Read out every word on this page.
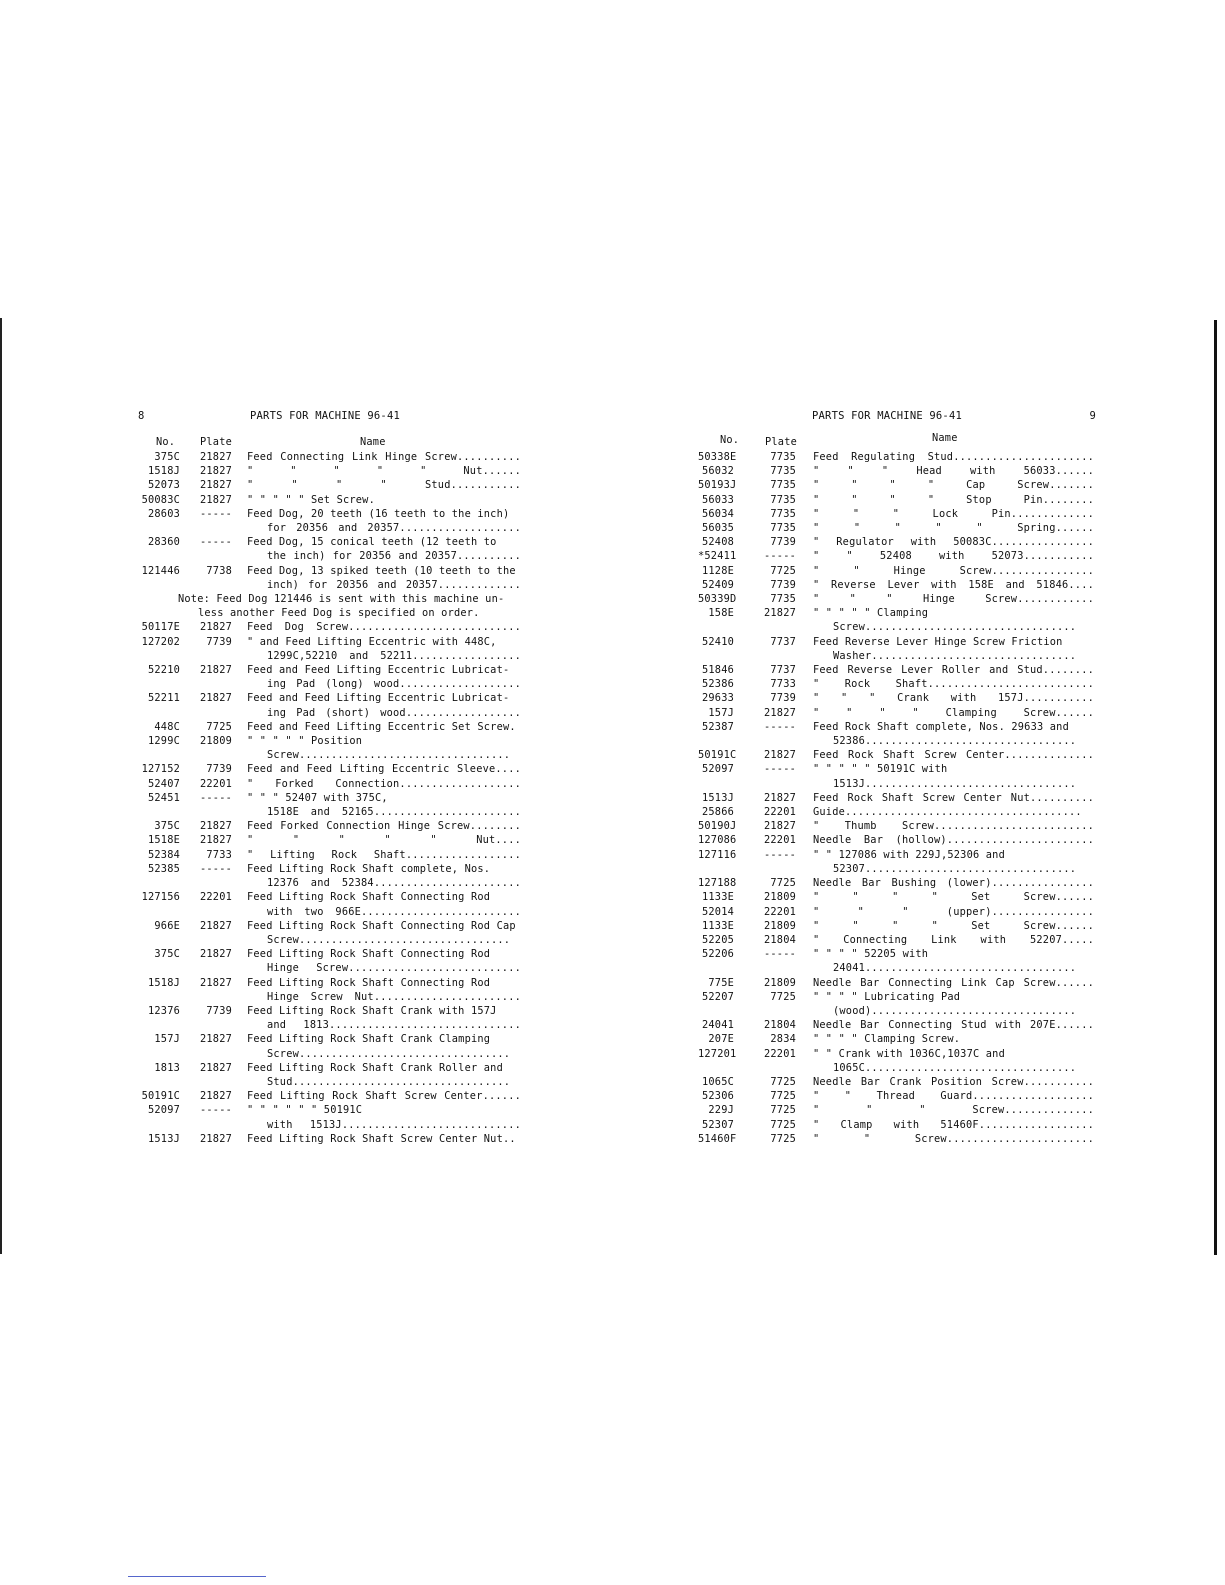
8	PARTS FOR MACHINE 96-41
No. Plate	Name
375C	21827 Feed Connecting Link Hinge Screw..........
1518J	21827 " " " " " Nut......
52073	21827 " " " " Stud...........
50083C	21827 " " " " " Set Screw.
28603	----- Feed Dog, 20 teeth (16 teeth to the inch)
for 20356 and 20357...................
28360	----- Feed Dog, 15 conical teeth (12 teeth to
the inch) for 20356 and 20357..........
121446	7738 Feed Dog, 13 spiked teeth (10 teeth to the
inch) for 20356 and 20357.............
Note: Feed Dog 121446 is sent with this machine un-
less another Feed Dog is specified on order.
50117E	21827 Feed Dog Screw...........................
127202	7739 " and Feed Lifting Eccentric with 448C,
1299C,52210 and 52211.................
52210	21827 Feed and Feed Lifting Eccentric Lubricat-
ing Pad (long) wood...................
52211	21827 Feed and Feed Lifting Eccentric Lubricat-
ing Pad (short) wood..................
448C	7725 Feed and Feed Lifting Eccentric Set Screw.
1299C	21809 " " " " " Position
Screw.................................
127152	7739 Feed and Feed Lifting Eccentric Sleeve....
52407	22201 " Forked Connection...................
52451	----- " " " 52407 with 375C,
1518E and 52165.......................
375C	21827 Feed Forked Connection Hinge Screw........
1518E	21827 " " " " " Nut....
52384	7733 " Lifting Rock Shaft..................
52385	----- Feed Lifting Rock Shaft complete, Nos.
12376 and 52384.......................
127156	22201 Feed Lifting Rock Shaft Connecting Rod
with two 966E.........................
966E	21827 Feed Lifting Rock Shaft Connecting Rod Cap
Screw.................................
375C	21827 Feed Lifting Rock Shaft Connecting Rod
Hinge Screw...........................
1518J	21827 Feed Lifting Rock Shaft Connecting Rod
Hinge Screw Nut.......................
12376	7739 Feed Lifting Rock Shaft Crank with 157J
and 1813..............................
157J	21827 Feed Lifting Rock Shaft Crank Clamping
Screw.................................
1813	21827 Feed Lifting Rock Shaft Crank Roller and
Stud..................................
50191C	21827 Feed Lifting Rock Shaft Screw Center......
52097	----- " " " " " " 50191C
with 1513J............................
1513J	21827 Feed Lifting Rock Shaft Screw Center Nut..
PARTS FOR MACHINE 96-41	9
No.	Plate	Name
50338E	7735 Feed Regulating Stud......................
56032	7735 " " " Head with 56033......
50193J	7735 " " " " Cap Screw.......
56033	7735 " " " " Stop Pin........
56034	7735 " " " Lock Pin.............
56035	7735 " " " " " Spring......
52408	7739 " Regulator with 50083C................
*52411	----- " " 52408 with 52073...........
1128E	7725 " " Hinge Screw................
52409	7739 " Reverse Lever with 158E and 51846....
50339D	7735 " " " Hinge Screw............
158E	21827 " " " " " Clamping
Screw.................................
52410	7737 Feed Reverse Lever Hinge Screw Friction
Washer................................
51846	7737 Feed Reverse Lever Roller and Stud........
52386	7733 " Rock Shaft..........................
29633	7739 " " " Crank with 157J...........
157J	21827 " " " " Clamping Screw......
52387	----- Feed Rock Shaft complete, Nos. 29633 and
52386.................................
50191C	21827 Feed Rock Shaft Screw Center..............
52097	----- " " " " " 50191C with
1513J.................................
1513J	21827 Feed Rock Shaft Screw Center Nut..........
25866	22201 Guide.....................................
50190J	21827 " Thumb Screw.........................
127086	22201 Needle Bar (hollow).......................
127116	----- " " 127086 with 229J,52306 and
52307.................................
127188	7725 Needle Bar Bushing (lower)................
1133E	21809 " " " " Set Screw......
52014	22201 " " " (upper)................
1133E	21809 " " " " Set Screw......
52205	21804 " Connecting Link with 52207.....
52206	----- " " " " 52205 with
24041.................................
775E	21809 Needle Bar Connecting Link Cap Screw......
52207	7725 " " " " Lubricating Pad
(wood)................................
24041	21804 Needle Bar Connecting Stud with 207E......
207E	2834 " " " " Clamping Screw.
127201	22201 " " Crank with 1036C,1037C and
1065C.................................
1065C	7725 Needle Bar Crank Position Screw...........
52306	7725 " " Thread Guard...................
229J	7725 " " " Screw..............
52307	7725 " Clamp with 51460F..................
51460F	7725 " " Screw.......................
